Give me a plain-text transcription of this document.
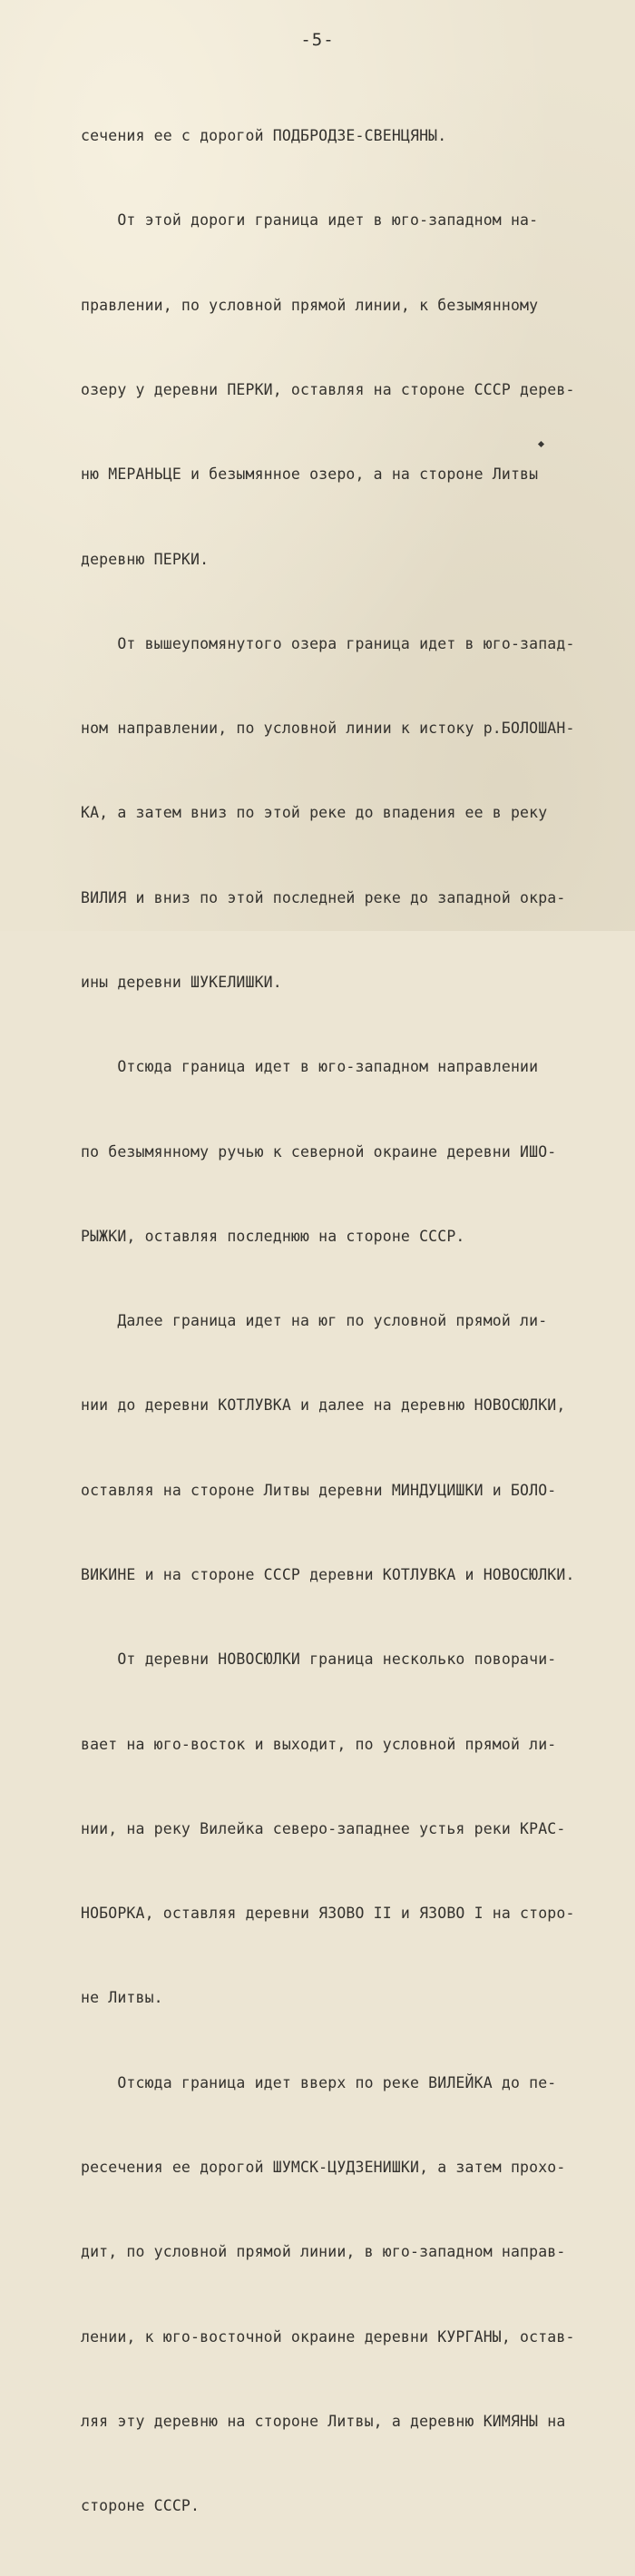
-5-

сечения ее с дорогой ПОДБРОДЗЕ-СВЕНЦЯНЫ.

От этой дороги граница идет в юго-западном на-

правлении, по условной прямой линии, к безымянному

озеру у деревни ПЕРКИ, оставляя на стороне СССР дерев-

ню МЕРАНЬЦЕ и безымянное озеро, а на стороне Литвы

деревню ПЕРКИ.

От вышеупомянутого озера граница идет в юго-запад-

ном направлении, по условной линии к истоку р.БОЛОШАН-

КА, а затем вниз по этой реке до впадения ее в реку

ВИЛИЯ и вниз по этой последней реке до западной окра-

ины деревни ШУКЕЛИШКИ.

Отсюда граница идет в юго-западном направлении

по безымянному ручью к северной окраине деревни ИШО-

РЫЖКИ, оставляя последнюю на стороне СССР.

Далее граница идет на юг по условной прямой ли-

нии до деревни КОТЛУВКА и далее на деревню НОВОСЮЛКИ,

оставляя на стороне Литвы деревни МИНДУЦИШКИ и БОЛО-

ВИКИНЕ и на стороне СССР деревни КОТЛУВКА и НОВОСЮЛКИ.

От деревни НОВОСЮЛКИ граница несколько поворачи-

вает на юго-восток и выходит, по условной прямой ли-

нии, на реку Вилейка северо-западнее устья реки КРАС-

НОБОРКА, оставляя деревни ЯЗОВО II и ЯЗОВО I на сторо-

не Литвы.

Отсюда граница идет вверх по реке ВИЛЕЙКА до пе-

ресечения ее дорогой ШУМСК-ЦУДЗЕНИШКИ, а затем прохо-

дит, по условной прямой линии, в юго-западном направ-

лении, к юго-восточной окраине деревни КУРГАНЫ, остав-

ляя эту деревню на стороне Литвы, а деревню КИМЯНЫ на

стороне СССР.
